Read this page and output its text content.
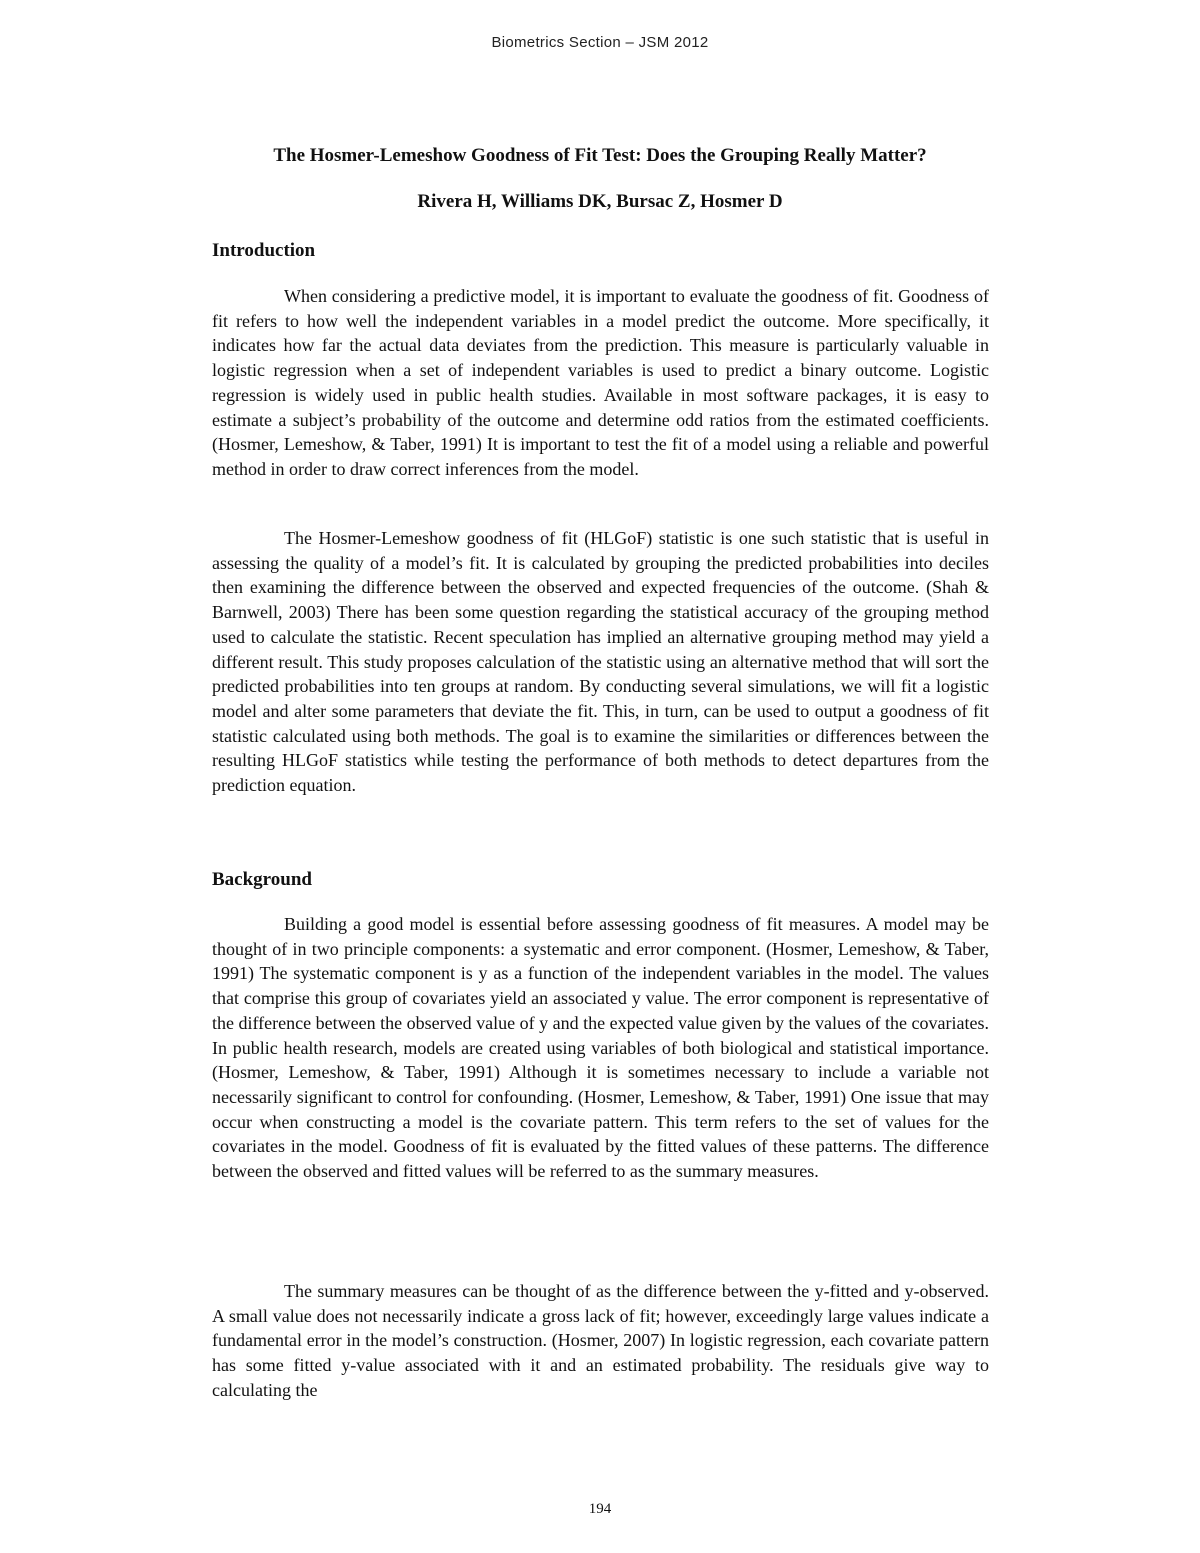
Biometrics Section – JSM 2012
The Hosmer-Lemeshow Goodness of Fit Test: Does the Grouping Really Matter?
Rivera H, Williams DK, Bursac Z, Hosmer D
Introduction

When considering a predictive model, it is important to evaluate the goodness of fit. Goodness of fit refers to how well the independent variables in a model predict the outcome. More specifically, it indicates how far the actual data deviates from the prediction. This measure is particularly valuable in logistic regression when a set of independent variables is used to predict a binary outcome. Logistic regression is widely used in public health studies. Available in most software packages, it is easy to estimate a subject’s probability of the outcome and determine odd ratios from the estimated coefficients. (Hosmer, Lemeshow, & Taber, 1991) It is important to test the fit of a model using a reliable and powerful method in order to draw correct inferences from the model.

The Hosmer-Lemeshow goodness of fit (HLGoF) statistic is one such statistic that is useful in assessing the quality of a model’s fit. It is calculated by grouping the predicted probabilities into deciles then examining the difference between the observed and expected frequencies of the outcome. (Shah & Barnwell, 2003) There has been some question regarding the statistical accuracy of the grouping method used to calculate the statistic. Recent speculation has implied an alternative grouping method may yield a different result. This study proposes calculation of the statistic using an alternative method that will sort the predicted probabilities into ten groups at random. By conducting several simulations, we will fit a logistic model and alter some parameters that deviate the fit. This, in turn, can be used to output a goodness of fit statistic calculated using both methods. The goal is to examine the similarities or differences between the resulting HLGoF statistics while testing the performance of both methods to detect departures from the prediction equation.

Background

Building a good model is essential before assessing goodness of fit measures. A model may be thought of in two principle components: a systematic and error component. (Hosmer, Lemeshow, & Taber, 1991) The systematic component is y as a function of the independent variables in the model. The values that comprise this group of covariates yield an associated y value. The error component is representative of the difference between the observed value of y and the expected value given by the values of the covariates. In public health research, models are created using variables of both biological and statistical importance. (Hosmer, Lemeshow, & Taber, 1991) Although it is sometimes necessary to include a variable not necessarily significant to control for confounding. (Hosmer, Lemeshow, & Taber, 1991) One issue that may occur when constructing a model is the covariate pattern. This term refers to the set of values for the covariates in the model. Goodness of fit is evaluated by the fitted values of these patterns. The difference between the observed and fitted values will be referred to as the summary measures.

The summary measures can be thought of as the difference between the y-fitted and y-observed. A small value does not necessarily indicate a gross lack of fit; however, exceedingly large values indicate a fundamental error in the model’s construction. (Hosmer, 2007) In logistic regression, each covariate pattern has some fitted y-value associated with it and an estimated probability. The residuals give way to calculating the

194
